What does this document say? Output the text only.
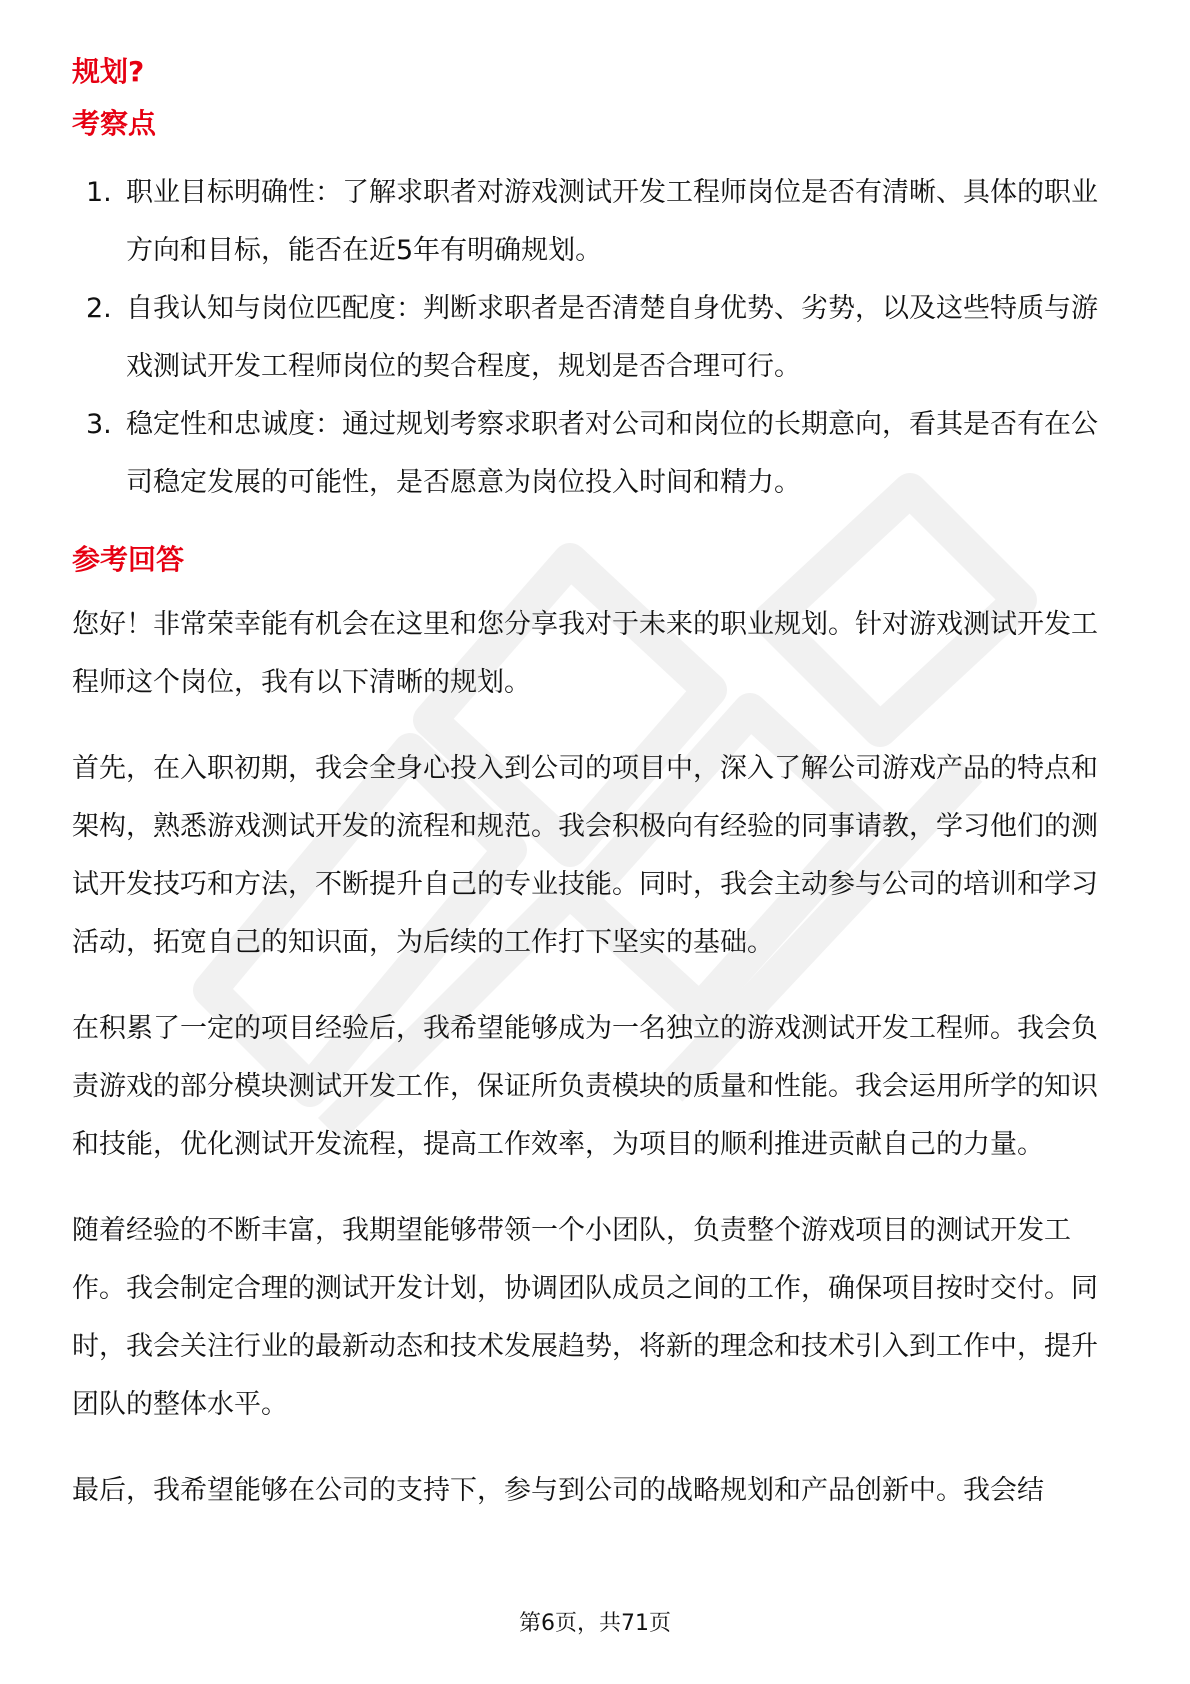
规划?
考察点
1. 职业目标明确性：了解求职者对游戏测试开发工程师岗位是否有清晰、具体的职业方向和目标，能否在近5年有明确规划。
2. 自我认知与岗位匹配度：判断求职者是否清楚自身优势、劣势，以及这些特质与游戏测试开发工程师岗位的契合程度，规划是否合理可行。
3. 稳定性和忠诚度：通过规划考察求职者对公司和岗位的长期意向，看其是否有在公司稳定发展的可能性，是否愿意为岗位投入时间和精力。
参考回答

您好！非常荣幸能有机会在这里和您分享我对于未来的职业规划。针对游戏测试开发工程师这个岗位，我有以下清晰的规划。

首先，在入职初期，我会全身心投入到公司的项目中，深入了解公司游戏产品的特点和架构，熟悉游戏测试开发的流程和规范。我会积极向有经验的同事请教，学习他们的测试开发技巧和方法，不断提升自己的专业技能。同时，我会主动参与公司的培训和学习活动，拓宽自己的知识面，为后续的工作打下坚实的基础。

在积累了一定的项目经验后，我希望能够成为一名独立的游戏测试开发工程师。我会负责游戏的部分模块测试开发工作，保证所负责模块的质量和性能。我会运用所学的知识和技能，优化测试开发流程，提高工作效率，为项目的顺利推进贡献自己的力量。

随着经验的不断丰富，我期望能够带领一个小团队，负责整个游戏项目的测试开发工作。我会制定合理的测试开发计划，协调团队成员之间的工作，确保项目按时交付。同时，我会关注行业的最新动态和技术发展趋势，将新的理念和技术引入到工作中，提升团队的整体水平。

最后，我希望能够在公司的支持下，参与到公司的战略规划和产品创新中。我会结

第6页，共71页
